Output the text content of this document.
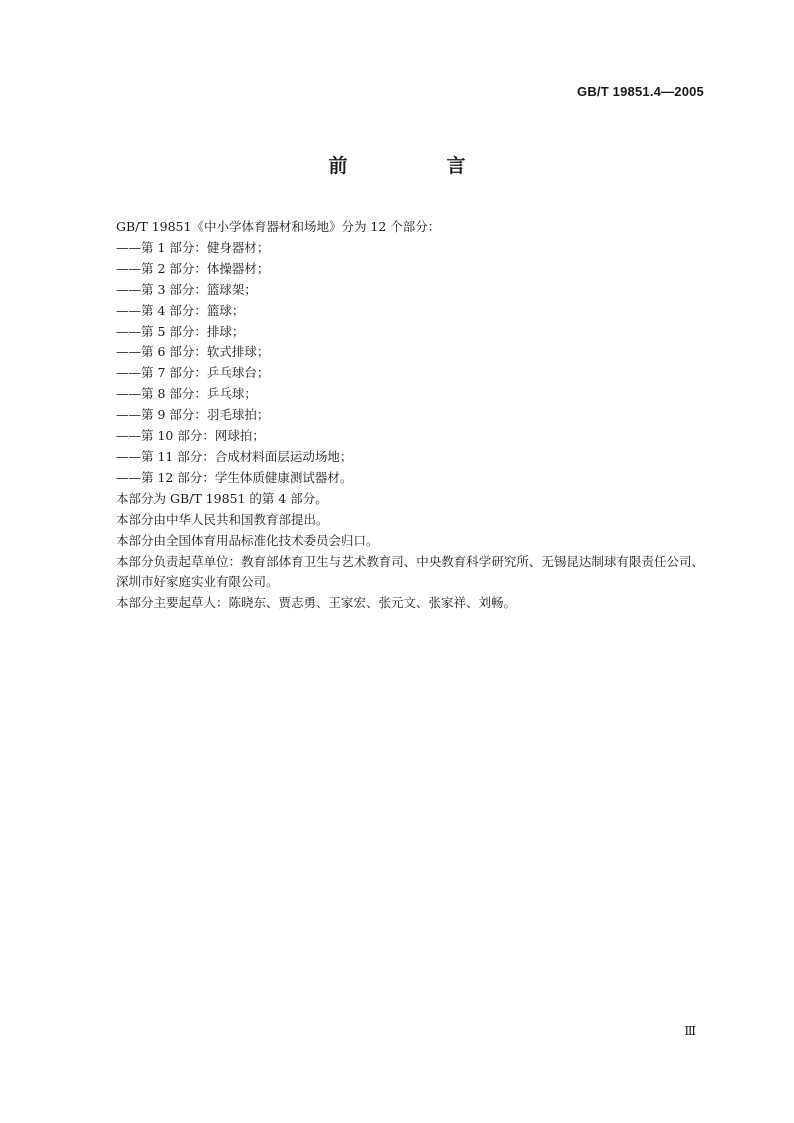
GB/T 19851.4—2005
前　言
GB/T 19851《中小学体育器材和场地》分为 12 个部分：
——第 1 部分：健身器材；
——第 2 部分：体操器材；
——第 3 部分：篮球架；
——第 4 部分：篮球；
——第 5 部分：排球；
——第 6 部分：软式排球；
——第 7 部分：乒乓球台；
——第 8 部分：乒乓球；
——第 9 部分：羽毛球拍；
——第 10 部分：网球拍；
——第 11 部分：合成材料面层运动场地；
——第 12 部分：学生体质健康测试器材。
本部分为 GB/T 19851 的第 4 部分。
本部分由中华人民共和国教育部提出。
本部分由全国体育用品标准化技术委员会归口。
本部分负责起草单位：教育部体育卫生与艺术教育司、中央教育科学研究所、无锡昆达制球有限责任公司、深圳市好家庭实业有限公司。
本部分主要起草人：陈晓东、贾志勇、王家宏、张元文、张家祥、刘畅。
Ⅲ
